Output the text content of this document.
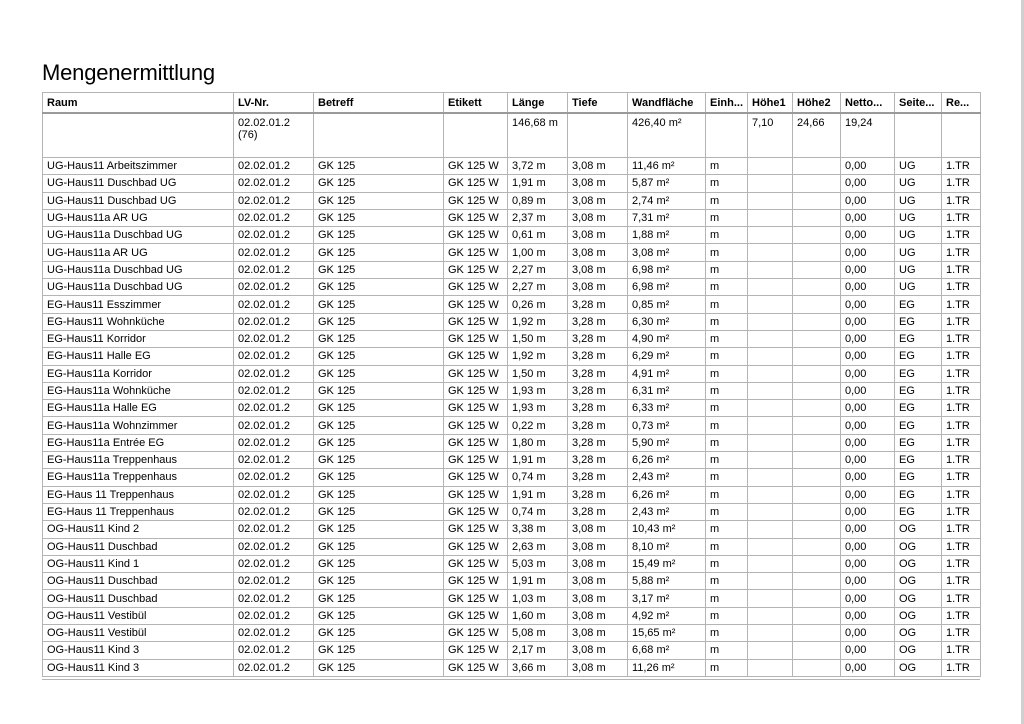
Mengenermittlung
Raum	LV-Nr.	Betreff	Etikett	Länge	Tiefe	Wandfläche	Einh...	Höhe1	Höhe2	Netto...	Seite...	Re...
	02.02.01.2 (76)			146,68 m		426,40 m²		7,10	24,66	19,24		
UG-Haus11 Arbeitszimmer	02.02.01.2	GK 125	GK 125 W	3,72 m	3,08 m	11,46 m²	m			0,00	UG	1.TR
UG-Haus11 Duschbad UG	02.02.01.2	GK 125	GK 125 W	1,91 m	3,08 m	5,87 m²	m			0,00	UG	1.TR
UG-Haus11 Duschbad UG	02.02.01.2	GK 125	GK 125 W	0,89 m	3,08 m	2,74 m²	m			0,00	UG	1.TR
UG-Haus11a AR UG	02.02.01.2	GK 125	GK 125 W	2,37 m	3,08 m	7,31 m²	m			0,00	UG	1.TR
UG-Haus11a Duschbad UG	02.02.01.2	GK 125	GK 125 W	0,61 m	3,08 m	1,88 m²	m			0,00	UG	1.TR
UG-Haus11a AR UG	02.02.01.2	GK 125	GK 125 W	1,00 m	3,08 m	3,08 m²	m			0,00	UG	1.TR
UG-Haus11a Duschbad UG	02.02.01.2	GK 125	GK 125 W	2,27 m	3,08 m	6,98 m²	m			0,00	UG	1.TR
UG-Haus11a Duschbad UG	02.02.01.2	GK 125	GK 125 W	2,27 m	3,08 m	6,98 m²	m			0,00	UG	1.TR
EG-Haus11 Esszimmer	02.02.01.2	GK 125	GK 125 W	0,26 m	3,28 m	0,85 m²	m			0,00	EG	1.TR
EG-Haus11 Wohnküche	02.02.01.2	GK 125	GK 125 W	1,92 m	3,28 m	6,30 m²	m			0,00	EG	1.TR
EG-Haus11 Korridor	02.02.01.2	GK 125	GK 125 W	1,50 m	3,28 m	4,90 m²	m			0,00	EG	1.TR
EG-Haus11 Halle EG	02.02.01.2	GK 125	GK 125 W	1,92 m	3,28 m	6,29 m²	m			0,00	EG	1.TR
EG-Haus11a Korridor	02.02.01.2	GK 125	GK 125 W	1,50 m	3,28 m	4,91 m²	m			0,00	EG	1.TR
EG-Haus11a Wohnküche	02.02.01.2	GK 125	GK 125 W	1,93 m	3,28 m	6,31 m²	m			0,00	EG	1.TR
EG-Haus11a Halle EG	02.02.01.2	GK 125	GK 125 W	1,93 m	3,28 m	6,33 m²	m			0,00	EG	1.TR
EG-Haus11a Wohnzimmer	02.02.01.2	GK 125	GK 125 W	0,22 m	3,28 m	0,73 m²	m			0,00	EG	1.TR
EG-Haus11a Entrée EG	02.02.01.2	GK 125	GK 125 W	1,80 m	3,28 m	5,90 m²	m			0,00	EG	1.TR
EG-Haus11a Treppenhaus	02.02.01.2	GK 125	GK 125 W	1,91 m	3,28 m	6,26 m²	m			0,00	EG	1.TR
EG-Haus11a Treppenhaus	02.02.01.2	GK 125	GK 125 W	0,74 m	3,28 m	2,43 m²	m			0,00	EG	1.TR
EG-Haus 11 Treppenhaus	02.02.01.2	GK 125	GK 125 W	1,91 m	3,28 m	6,26 m²	m			0,00	EG	1.TR
EG-Haus 11 Treppenhaus	02.02.01.2	GK 125	GK 125 W	0,74 m	3,28 m	2,43 m²	m			0,00	EG	1.TR
OG-Haus11 Kind 2	02.02.01.2	GK 125	GK 125 W	3,38 m	3,08 m	10,43 m²	m			0,00	OG	1.TR
OG-Haus11 Duschbad	02.02.01.2	GK 125	GK 125 W	2,63 m	3,08 m	8,10 m²	m			0,00	OG	1.TR
OG-Haus11 Kind 1	02.02.01.2	GK 125	GK 125 W	5,03 m	3,08 m	15,49 m²	m			0,00	OG	1.TR
OG-Haus11 Duschbad	02.02.01.2	GK 125	GK 125 W	1,91 m	3,08 m	5,88 m²	m			0,00	OG	1.TR
OG-Haus11 Duschbad	02.02.01.2	GK 125	GK 125 W	1,03 m	3,08 m	3,17 m²	m			0,00	OG	1.TR
OG-Haus11 Vestibül	02.02.01.2	GK 125	GK 125 W	1,60 m	3,08 m	4,92 m²	m			0,00	OG	1.TR
OG-Haus11 Vestibül	02.02.01.2	GK 125	GK 125 W	5,08 m	3,08 m	15,65 m²	m			0,00	OG	1.TR
OG-Haus11 Kind 3	02.02.01.2	GK 125	GK 125 W	2,17 m	3,08 m	6,68 m²	m			0,00	OG	1.TR
OG-Haus11 Kind 3	02.02.01.2	GK 125	GK 125 W	3,66 m	3,08 m	11,26 m²	m			0,00	OG	1.TR
